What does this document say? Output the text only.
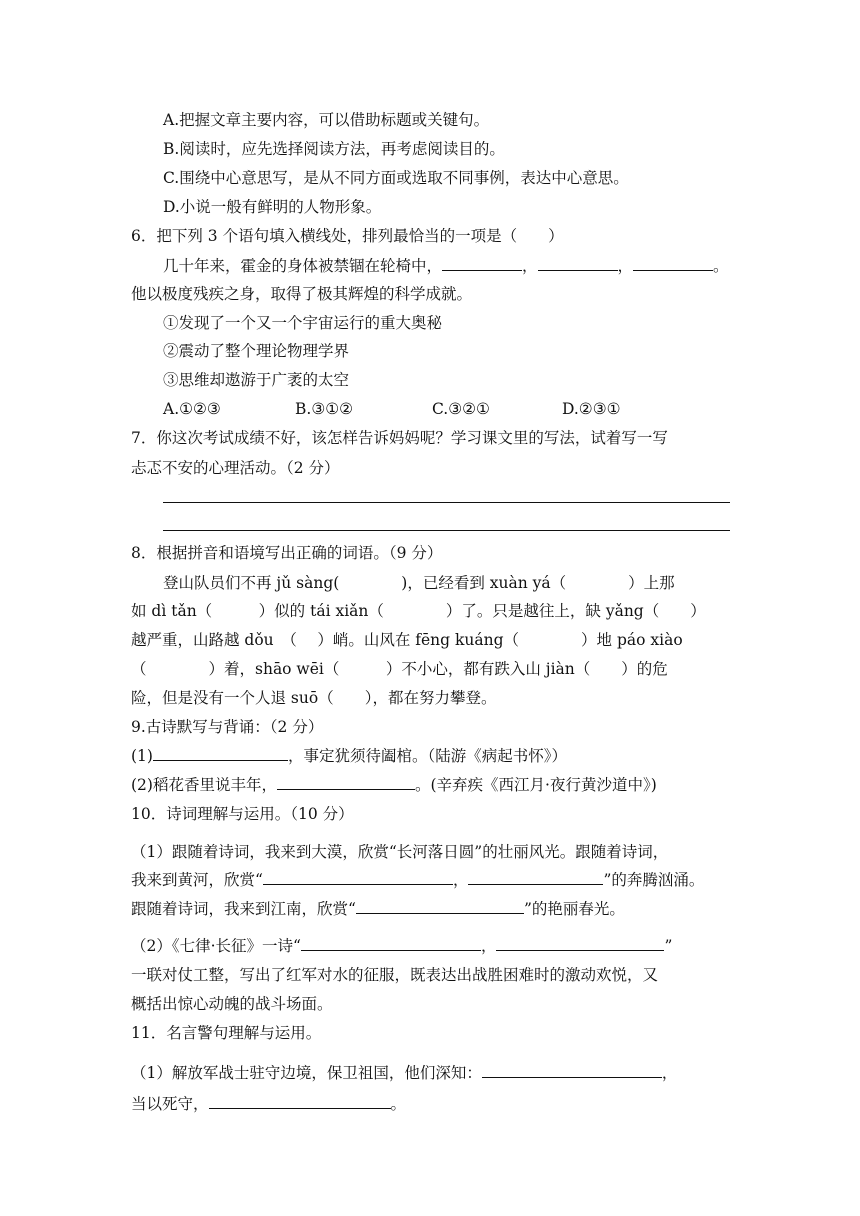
A.把握文章主要内容，可以借助标题或关键句。
B.阅读时，应先选择阅读方法，再考虑阅读目的。
C.围绕中心意思写，是从不同方面或选取不同事例，表达中心意思。
D.小说一般有鲜明的人物形象。
6．把下列 3 个语句填入横线处，排列最恰当的一项是（　　）
几十年来，霍金的身体被禁锢在轮椅中，	，	，	。
他以极度残疾之身，取得了极其辉煌的科学成就。
①发现了一个又一个宇宙运行的重大奥秘
②震动了整个理论物理学界
③思维却遨游于广袤的太空
A.①②③	B.③①②	C.③②①	D.②③①
7．你这次考试成绩不好，该怎样告诉妈妈呢？学习课文里的写法，试着写一写
忐忑不安的心理活动。（2 分）
8．根据拼音和语境写出正确的词语。（9 分）
登山队员们不再 jǔ sàng(　　　　)，已经看到 xuàn yá（　　　　）上那
如 dì tǎn（　　　）似的 tái xiǎn（　　　　）了。只是越往上，缺 yǎng（　　）
越严重，山路越 dǒu　（　 ）峭。山风在 fēng kuáng（　　　　）地 páo xiào
（　　　　）着，shāo wēi（　　　）不小心，都有跌入山 jiàn（　　）的危
险，但是没有一个人退 suō（　　），都在努力攀登。
9.古诗默写与背诵：（2 分）
(1)	，事定犹须待阖棺。（陆游《病起书怀》）
(2)稻花香里说丰年，	。(辛弃疾《西江月·夜行黄沙道中》)
10．诗词理解与运用。（10 分）
（1）跟随着诗词，我来到大漠，欣赏“长河落日圆”的壮丽风光。跟随着诗词，
我来到黄河，欣赏“	，	”的奔腾汹涌。
跟随着诗词，我来到江南，欣赏“	”的艳丽春光。
（2）《七律·长征》一诗“	，	”
一联对仗工整，写出了红军对水的征服，既表达出战胜困难时的激动欢悦，又
概括出惊心动魄的战斗场面。
11．名言警句理解与运用。
（1）解放军战士驻守边境，保卫祖国，他们深知：	，
当以死守，	。
